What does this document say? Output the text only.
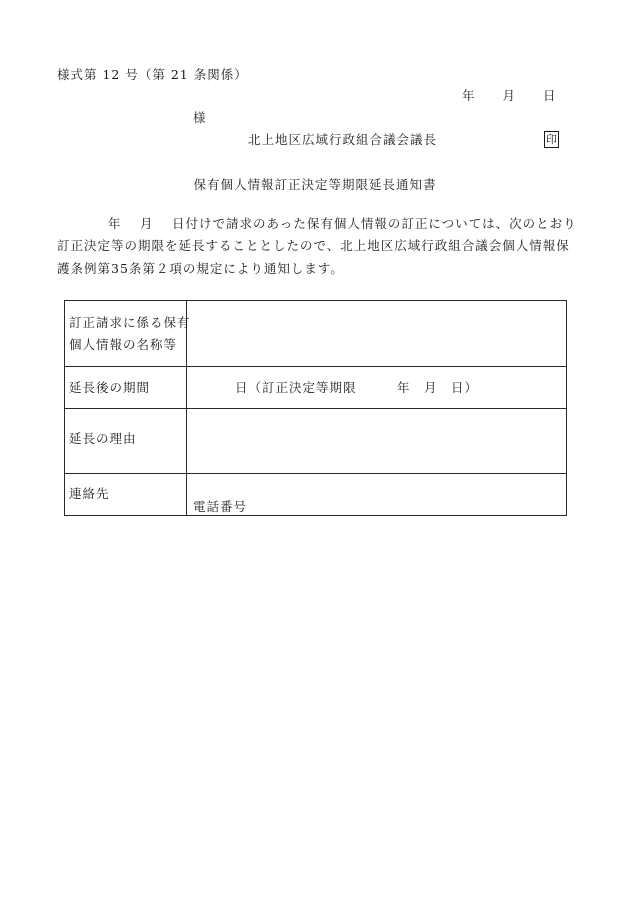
様式第 12 号（第 21 条関係）
年　　月　　日
様
北上地区広域行政組合議会議長	印
保有個人情報訂正決定等期限延長通知書
年　 月　 日付けで請求のあった保有個人情報の訂正については、次のとおり
訂正決定等の期限を延長することとしたので、北上地区広域行政組合議会個人情報保
護条例第35条第２項の規定により通知します。
訂正請求に係る保有
個人情報の名称等
延長後の期間	日（訂正決定等期限　　　年　月　日）
延長の理由
連絡先
電話番号
